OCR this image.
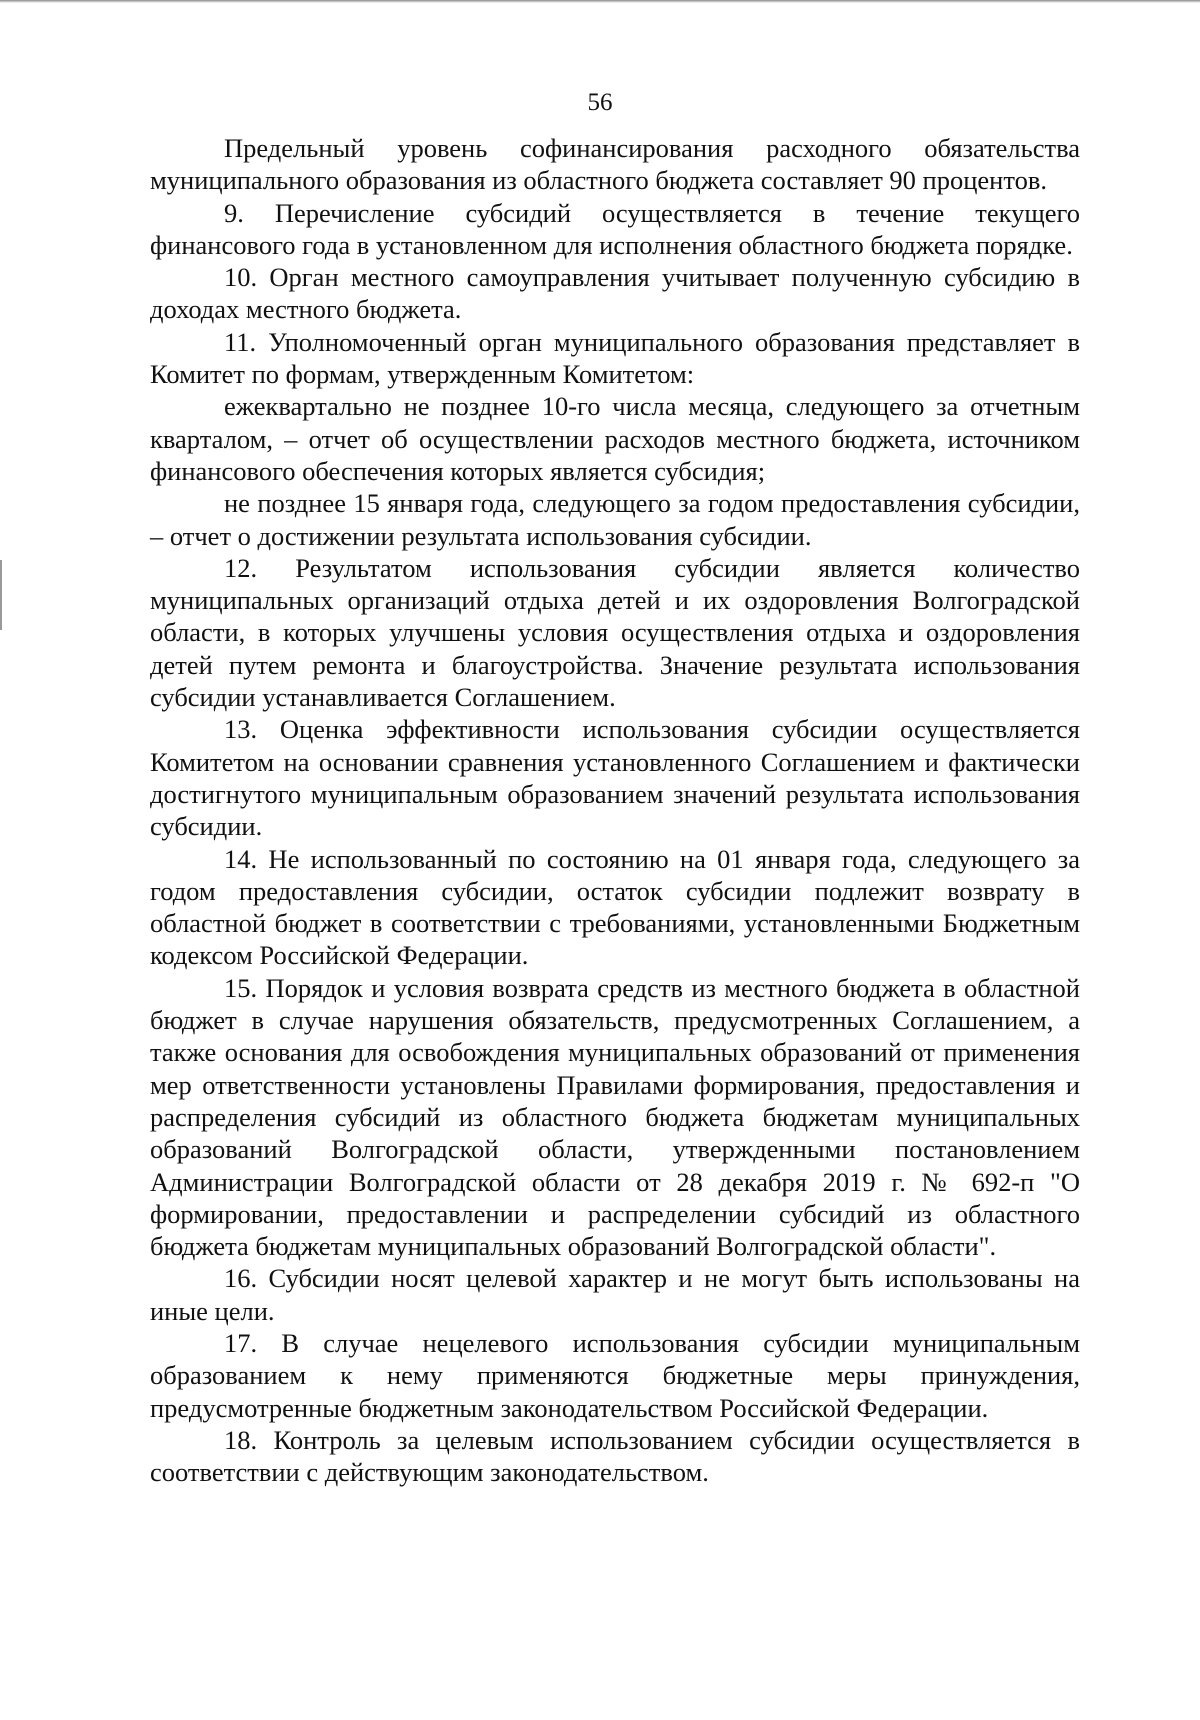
56

Предельный уровень софинансирования расходного обязательства муниципального образования из областного бюджета составляет 90 процентов.

9. Перечисление субсидий осуществляется в течение текущего финансового года в установленном для исполнения областного бюджета порядке.

10. Орган местного самоуправления учитывает полученную субсидию в доходах местного бюджета.

11. Уполномоченный орган муниципального образования представляет в Комитет по формам, утвержденным Комитетом:

ежеквартально не позднее 10-го числа месяца, следующего за отчетным кварталом, – отчет об осуществлении расходов местного бюджета, источником финансового обеспечения которых является субсидия;

не позднее 15 января года, следующего за годом предоставления субсидии, – отчет о достижении результата использования субсидии.

12. Результатом использования субсидии является количество муниципальных организаций отдыха детей и их оздоровления Волгоградской области, в которых улучшены условия осуществления отдыха и оздоровления детей путем ремонта и благоустройства. Значение результата использования субсидии устанавливается Соглашением.

13. Оценка эффективности использования субсидии осуществляется Комитетом на основании сравнения установленного Соглашением и фактически достигнутого муниципальным образованием значений результата использования субсидии.

14. Не использованный по состоянию на 01 января года, следующего за годом предоставления субсидии, остаток субсидии подлежит возврату в областной бюджет в соответствии с требованиями, установленными Бюджетным кодексом Российской Федерации.

15. Порядок и условия возврата средств из местного бюджета в областной бюджет в случае нарушения обязательств, предусмотренных Соглашением, а также основания для освобождения муниципальных образований от применения мер ответственности установлены Правилами формирования, предоставления и распределения субсидий из областного бюджета бюджетам муниципальных образований Волгоградской области, утвержденными постановлением Администрации Волгоградской области от 28 декабря 2019 г. № 692-п "О формировании, предоставлении и распределении субсидий из областного бюджета бюджетам муниципальных образований Волгоградской области".

16. Субсидии носят целевой характер и не могут быть использованы на иные цели.

17. В случае нецелевого использования субсидии муниципальным образованием к нему применяются бюджетные меры принуждения, предусмотренные бюджетным законодательством Российской Федерации.

18. Контроль за целевым использованием субсидии осуществляется в соответствии с действующим законодательством.
